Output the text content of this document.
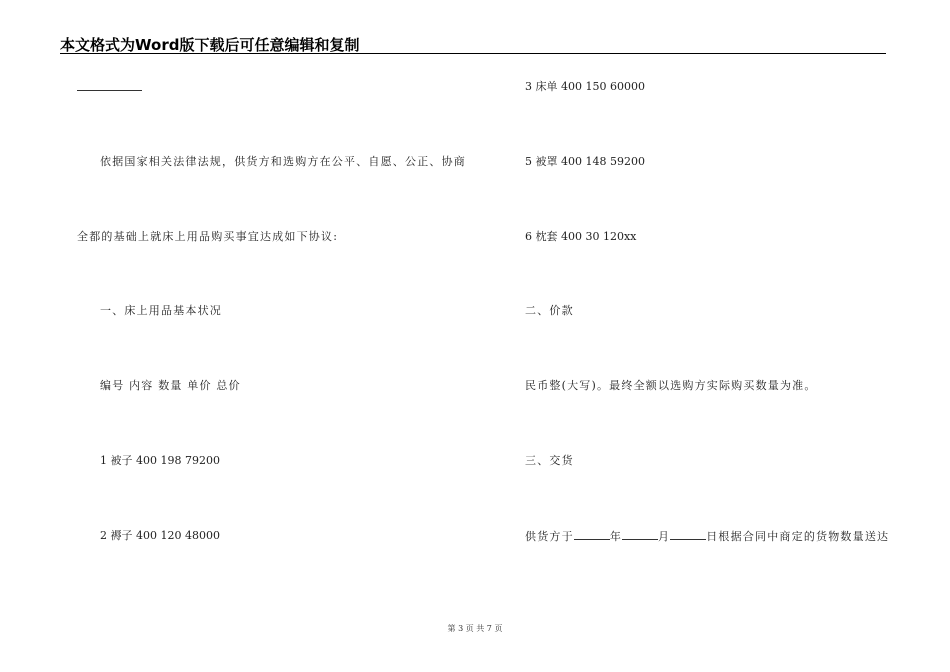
本文格式为Word版下载后可任意编辑和复制
依据国家相关法律法规，供货方和选购方在公平、自愿、公正、协商
全都的基础上就床上用品购买事宜达成如下协议:
一、床上用品基本状况
编号 内容 数量 单价 总价
1 被子 400 198 79200
2 褥子 400 120 48000
3 床单 400 150 60000
5 被罩 400 148 59200
6 枕套 400 30 120xx
二、价款
民币整(大写)。最终全额以选购方实际购买数量为准。
三、交货
供货方于	年	月	日根据合同中商定的货物数量送达
第 3 页 共 7 页
